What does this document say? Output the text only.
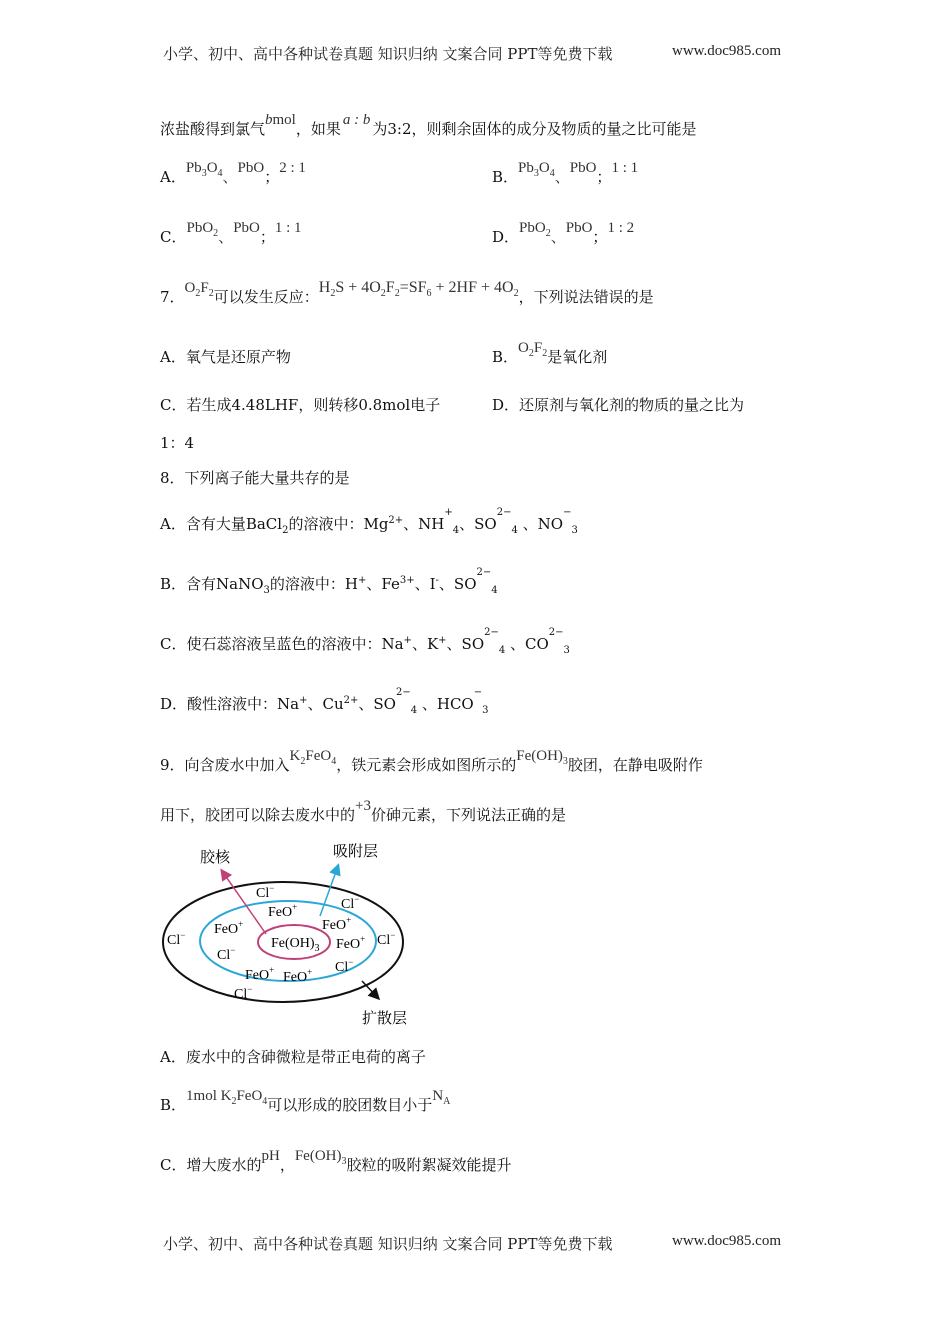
小学、初中、高中各种试卷真题 知识归纳 文案合同 PPT等免费下载	www.doc985.com
浓盐酸得到氯气bmol，如果 a : b 为3:2，则剩余固体的成分及物质的量之比可能是
A．$Pb_3O_4$、PbO；2 : 1	B．$Pb_3O_4$、PbO；1 : 1
C．PbO$_2$、PbO；1 : 1	D．PbO$_2$、PbO；1 : 2
7．$O_2F_2$可以发生反应：$H_2S + 4O_2F_2=SF_6 + 2HF + 4O_2$，下列说法错误的是
A．氧气是还原产物	B．$O_2F_2$是氧化剂
C．若生成4.48LHF，则转移0.8mol电子	D．还原剂与氧化剂的物质的量之比为
1：4
8．下列离子能大量共存的是
A．含有大量BaCl$_2$的溶液中：$Mg^{2+}$、$NH^+_4$、$SO^{2-}_4$ 、$NO^-_3$
B．含有NaNO$_3$的溶液中：H+、$Fe^{3+}$、I-、$SO^{2-}_4$
C．使石蕊溶液呈蓝色的溶液中：Na+、K+、$SO^{2-}_4$ 、$CO^{2-}_3$
D．酸性溶液中：Na+、$Cu^{2+}$、$SO^{2-}_4$ 、$HCO^-_3$
9．向含废水中加入$K_2FeO_4$，铁元素会形成如图所示的$Fe(OH)_3$胶团，在静电吸附作
用下，胶团可以除去废水中的+3价砷元素，下列说法正确的是
胶核	吸附层
扩散层
$Fe(OH)_3$
FeO+
FeO+	FeO+
FeO+
FeO+ FeO+
Cl−
Cl−
Cl−
Cl−
Cl−
Cl−
Cl−
A．废水中的含砷微粒是带正电荷的离子
B．1mol $K_2FeO_4$可以形成的胶团数目小于$N_A$
C．增大废水的pH，$Fe(OH)_3$胶粒的吸附絮凝效能提升
小学、初中、高中各种试卷真题 知识归纳 文案合同 PPT等免费下载	www.doc985.com
